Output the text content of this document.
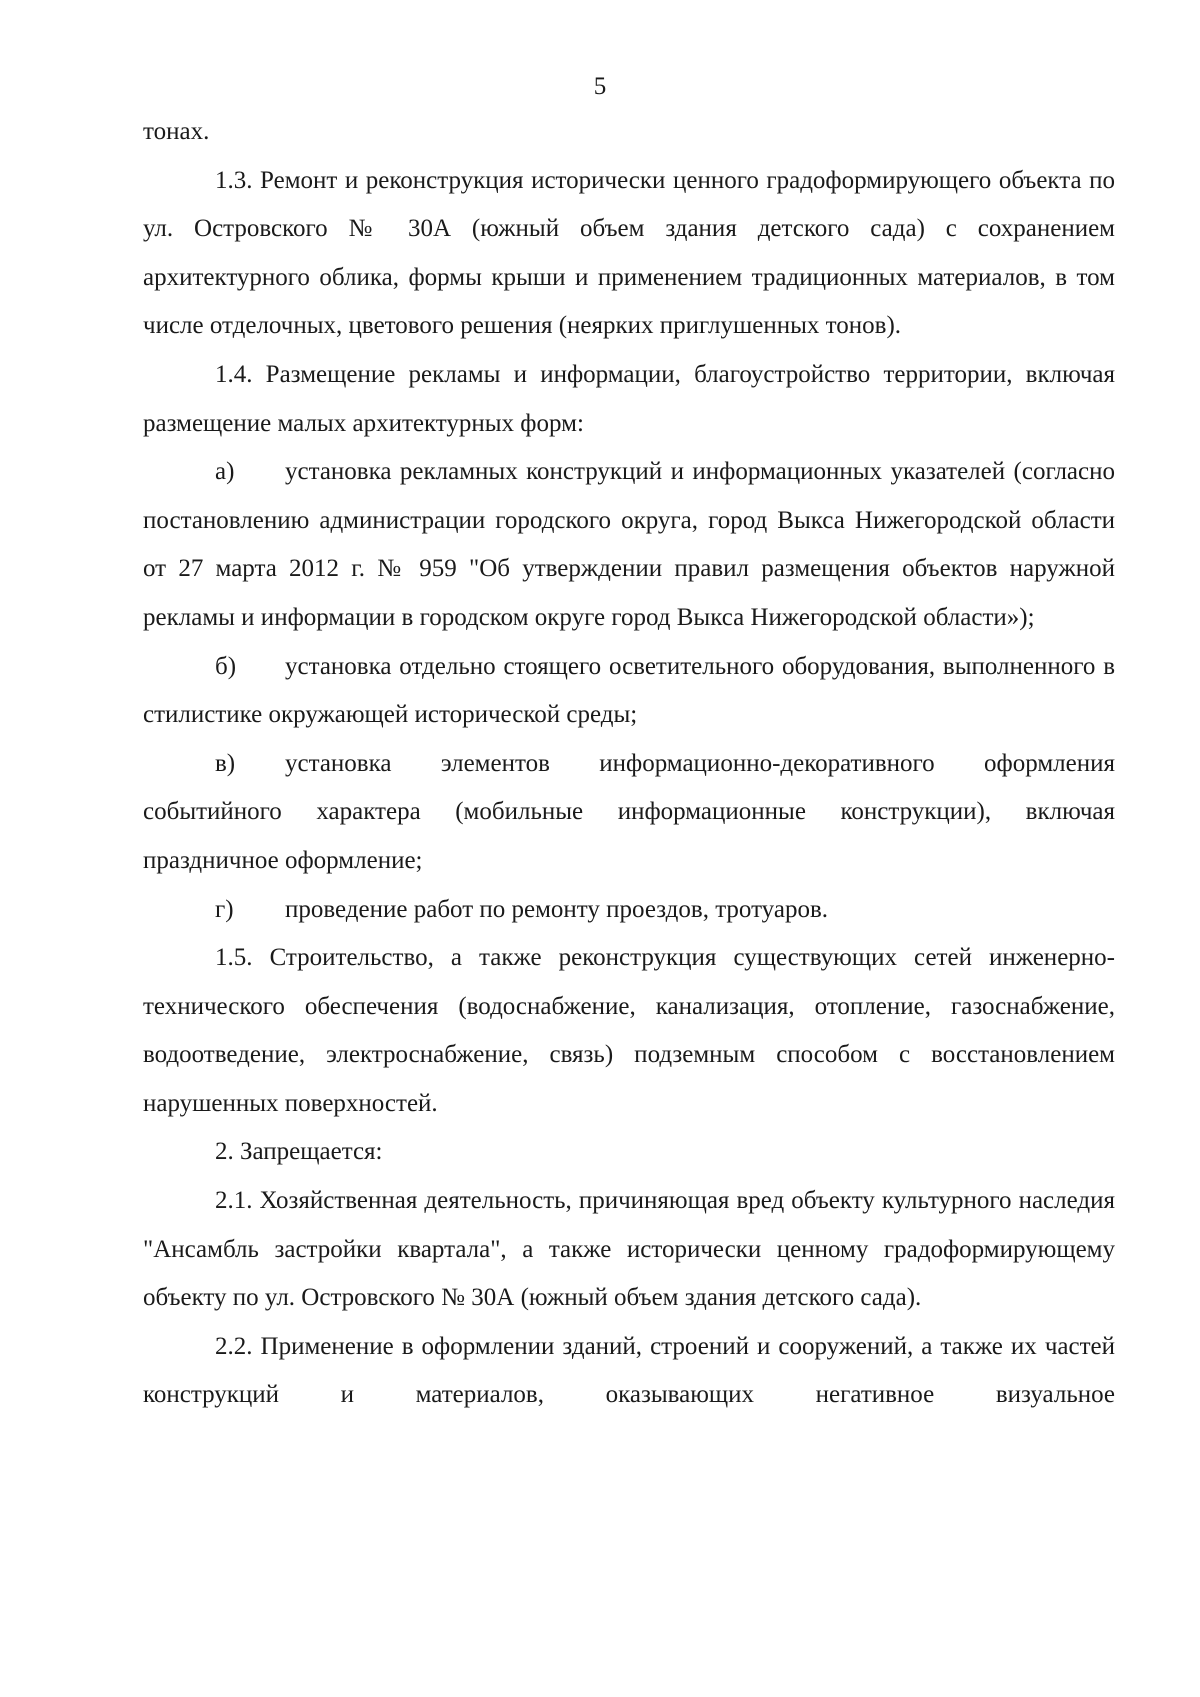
5

тонах.

1.3. Ремонт и реконструкция исторически ценного градоформирующего объекта по ул. Островского № 30А (южный объем здания детского сада) с сохранением архитектурного облика, формы крыши и применением традиционных материалов, в том числе отделочных, цветового решения (неярких приглушенных тонов).

1.4. Размещение рекламы и информации, благоустройство территории, включая размещение малых архитектурных форм:

а) установка рекламных конструкций и информационных указателей (согласно постановлению администрации городского округа, город Выкса Нижегородской области от 27 марта 2012 г. № 959 "Об утверждении правил размещения объектов наружной рекламы и информации в городском округе город Выкса Нижегородской области»);

б) установка отдельно стоящего осветительного оборудования, выполненного в стилистике окружающей исторической среды;

в) установка элементов информационно-декоративного оформления событийного характера (мобильные информационные конструкции), включая праздничное оформление;

г) проведение работ по ремонту проездов, тротуаров.

1.5. Строительство, а также реконструкция существующих сетей инженерно-технического обеспечения (водоснабжение, канализация, отопление, газоснабжение, водоотведение, электроснабжение, связь) подземным способом с восстановлением нарушенных поверхностей.

2. Запрещается:

2.1. Хозяйственная деятельность, причиняющая вред объекту культурного наследия "Ансамбль застройки квартала", а также исторически ценному градоформирующему объекту по ул. Островского № 30А (южный объем здания детского сада).

2.2. Применение в оформлении зданий, строений и сооружений, а также их частей конструкций и материалов, оказывающих негативное визуальное
